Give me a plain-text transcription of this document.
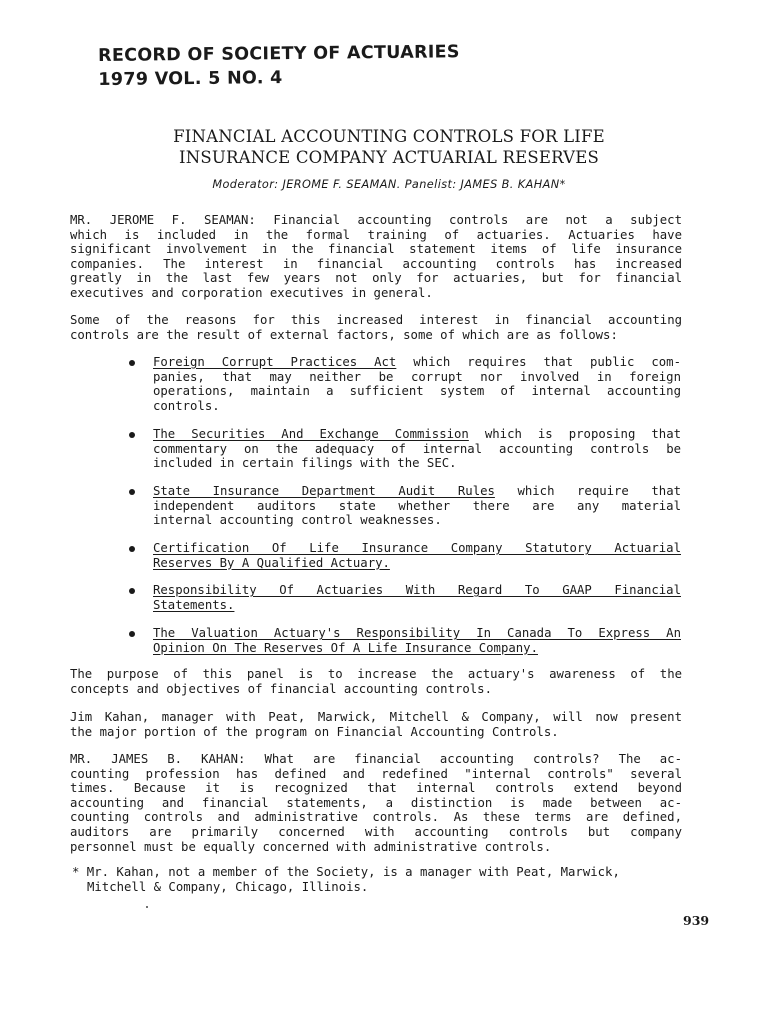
RECORD OF SOCIETY OF ACTUARIES
1979 VOL. 5 NO. 4
FINANCIAL ACCOUNTING CONTROLS FOR LIFE
INSURANCE COMPANY ACTUARIAL RESERVES
Moderator: JEROME F. SEAMAN. Panelist: JAMES B. KAHAN*
MR. JEROME F. SEAMAN: Financial accounting controls are not a subject
which is included in the formal training of actuaries. Actuaries have
significant involvement in the financial statement items of life insurance
companies. The interest in financial accounting controls has increased
greatly in the last few years not only for actuaries, but for financial
executives and corporation executives in general.
Some of the reasons for this increased interest in financial accounting
controls are the result of external factors, some of which are as follows:
Foreign Corrupt Practices Act which requires that public com-
panies, that may neither be corrupt nor involved in foreign
operations, maintain a sufficient system of internal accounting
controls.
The Securities And Exchange Commission which is proposing that
commentary on the adequacy of internal accounting controls be
included in certain filings with the SEC.
State Insurance Department Audit Rules which require that
independent auditors state whether there are any material
internal accounting control weaknesses.
Certification Of Life Insurance Company Statutory Actuarial
Reserves By A Qualified Actuary.
Responsibility Of Actuaries With Regard To GAAP Financial
Statements.
The Valuation Actuary's Responsibility In Canada To Express An
Opinion On The Reserves Of A Life Insurance Company.
The purpose of this panel is to increase the actuary's awareness of the
concepts and objectives of financial accounting controls.
Jim Kahan, manager with Peat, Marwick, Mitchell & Company, will now present
the major portion of the program on Financial Accounting Controls.
MR. JAMES B. KAHAN: What are financial accounting controls? The ac-
counting profession has defined and redefined "internal controls" several
times. Because it is recognized that internal controls extend beyond
accounting and financial statements, a distinction is made between ac-
counting controls and administrative controls. As these terms are defined,
auditors are primarily concerned with accounting controls but company
personnel must be equally concerned with administrative controls.
* Mr. Kahan, not a member of the Society, is a manager with Peat, Marwick,
Mitchell & Company, Chicago, Illinois.
939
